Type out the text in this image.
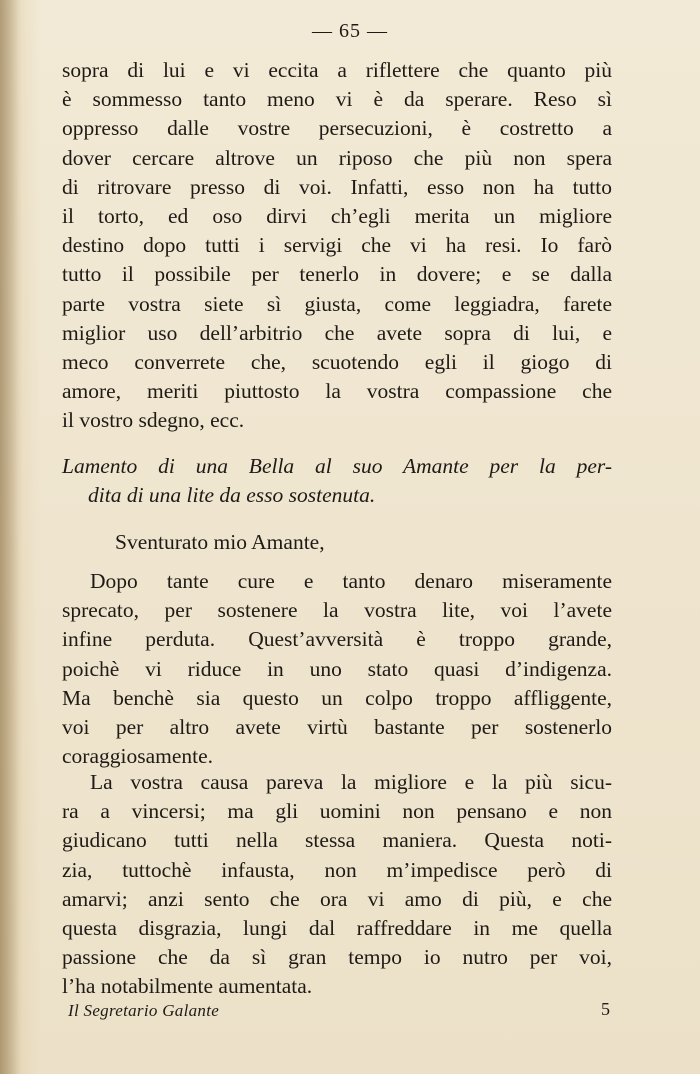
— 65 —
sopra di lui e vi eccita a riflettere che quanto più
è sommesso tanto meno vi è da sperare. Reso sì
oppresso dalle vostre persecuzioni, è costretto a
dover cercare altrove un riposo che più non spera
di ritrovare presso di voi. Infatti, esso non ha tutto
il torto, ed oso dirvi ch’egli merita un migliore
destino dopo tutti i servigi che vi ha resi. Io farò
tutto il possibile per tenerlo in dovere; e se dalla
parte vostra siete sì giusta, come leggiadra, farete
miglior uso dell’arbitrio che avete sopra di lui, e
meco converrete che, scuotendo egli il giogo di
amore, meriti piuttosto la vostra compassione che
il vostro sdegno, ecc.
Lamento di una Bella al suo Amante per la per-
dita di una lite da esso sostenuta.
Sventurato mio Amante,
Dopo tante cure e tanto denaro miseramente
sprecato, per sostenere la vostra lite, voi l’avete
infine perduta. Quest’avversità è troppo grande,
poichè vi riduce in uno stato quasi d’indigenza.
Ma benchè sia questo un colpo troppo affliggente,
voi per altro avete virtù bastante per sostenerlo
coraggiosamente.
La vostra causa pareva la migliore e la più sicu-
ra a vincersi; ma gli uomini non pensano e non
giudicano tutti nella stessa maniera. Questa noti-
zia, tuttochè infausta, non m’impedisce però di
amarvi; anzi sento che ora vi amo di più, e che
questa disgrazia, lungi dal raffreddare in me quella
passione che da sì gran tempo io nutro per voi,
l’ha notabilmente aumentata.
Il Segretario Galante	5
